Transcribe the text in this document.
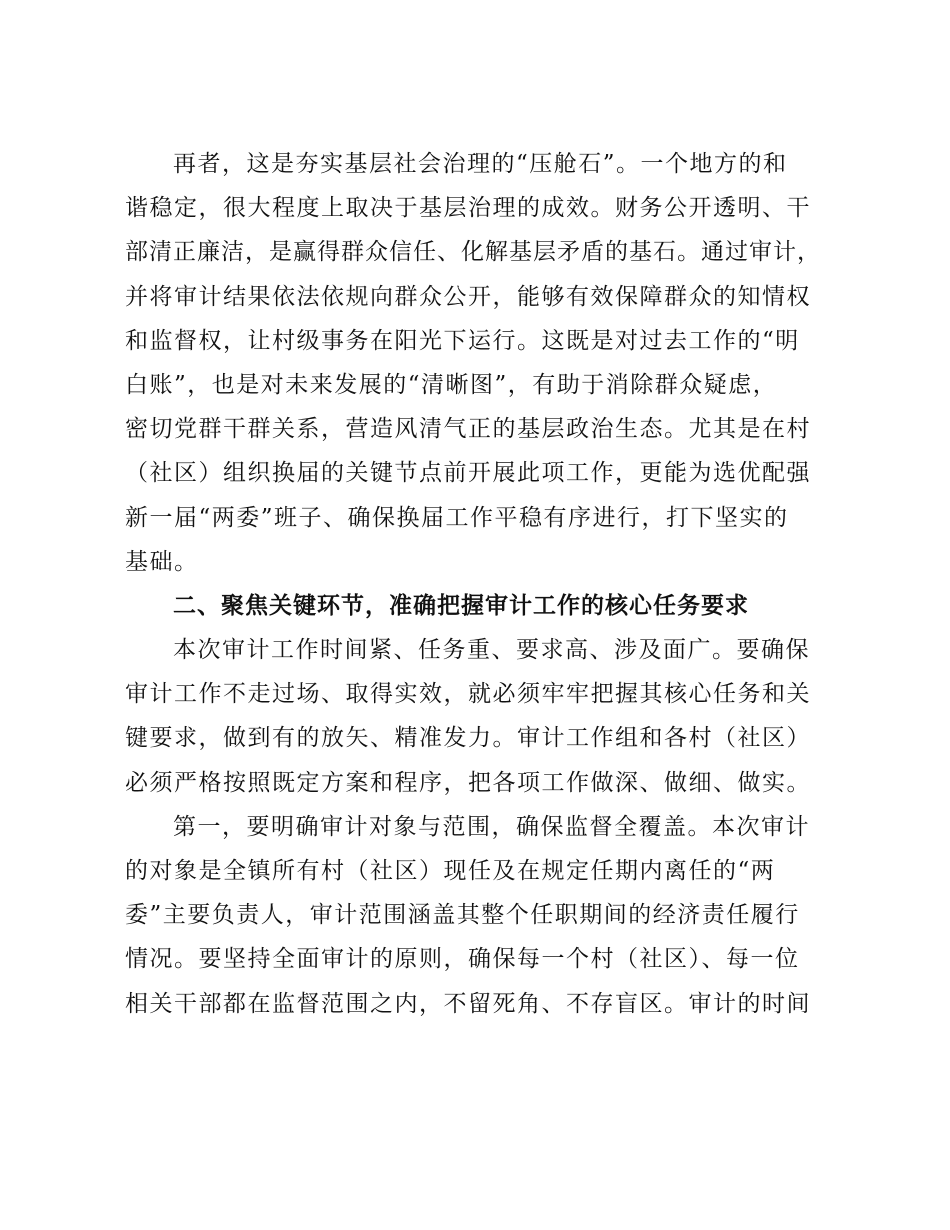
再者，这是夯实基层社会治理的“压舱石”。一个地方的和
谐稳定，很大程度上取决于基层治理的成效。财务公开透明、干
部清正廉洁，是赢得群众信任、化解基层矛盾的基石。通过审计，
并将审计结果依法依规向群众公开，能够有效保障群众的知情权
和监督权，让村级事务在阳光下运行。这既是对过去工作的“明
白账”，也是对未来发展的“清晰图”，有助于消除群众疑虑，
密切党群干群关系，营造风清气正的基层政治生态。尤其是在村
（社区）组织换届的关键节点前开展此项工作，更能为选优配强
新一届“两委”班子、确保换届工作平稳有序进行，打下坚实的
基础。
二、聚焦关键环节，准确把握审计工作的核心任务要求
本次审计工作时间紧、任务重、要求高、涉及面广。要确保
审计工作不走过场、取得实效，就必须牢牢把握其核心任务和关
键要求，做到有的放矢、精准发力。审计工作组和各村（社区）
必须严格按照既定方案和程序，把各项工作做深、做细、做实。
第一，要明确审计对象与范围，确保监督全覆盖。本次审计
的对象是全镇所有村（社区）现任及在规定任期内离任的“两
委”主要负责人，审计范围涵盖其整个任职期间的经济责任履行
情况。要坚持全面审计的原则，确保每一个村（社区）、每一位
相关干部都在监督范围之内，不留死角、不存盲区。审计的时间
